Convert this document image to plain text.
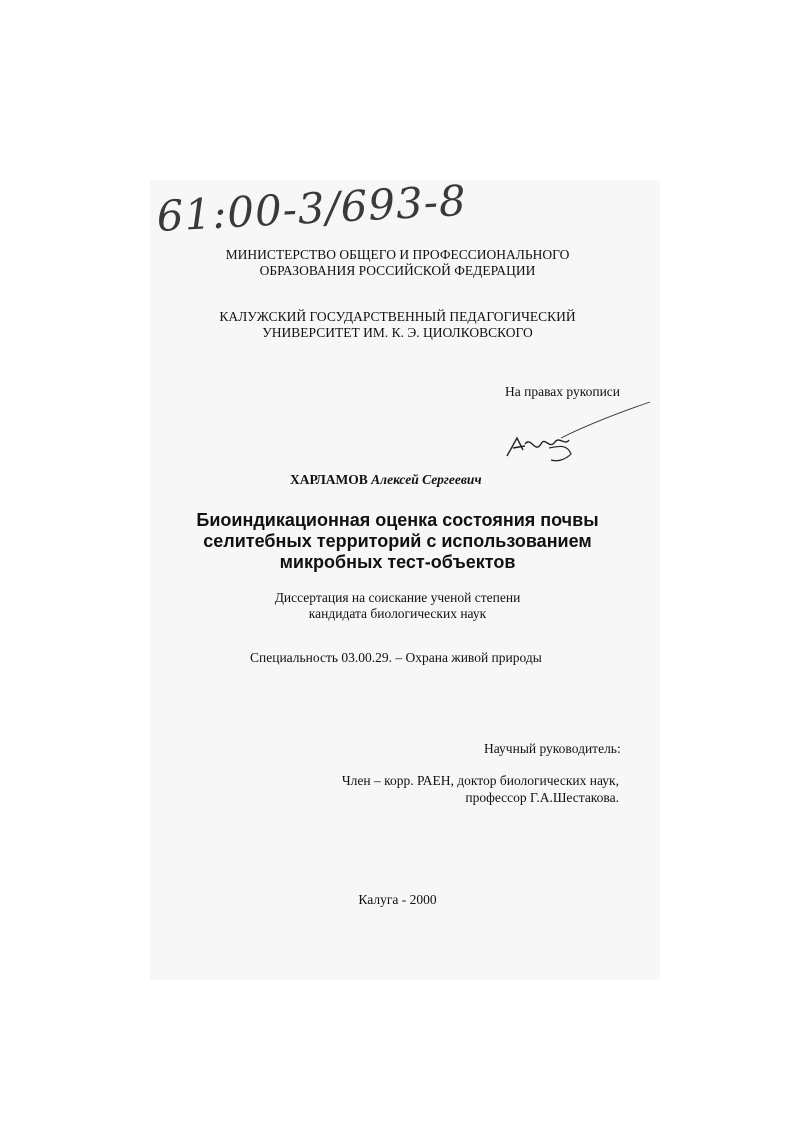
61:00-3/693-8
МИНИСТЕРСТВО ОБЩЕГО И ПРОФЕССИОНАЛЬНОГО
ОБРАЗОВАНИЯ РОССИЙСКОЙ ФЕДЕРАЦИИ
КАЛУЖСКИЙ ГОСУДАРСТВЕННЫЙ ПЕДАГОГИЧЕСКИЙ
УНИВЕРСИТЕТ ИМ. К. Э. ЦИОЛКОВСКОГО
На правах рукописи
ХАРЛАМОВ Алексей Сергеевич
Биоиндикационная оценка состояния почвы
селитебных территорий с использованием
микробных тест-объектов
Диссертация на соискание ученой степени
кандидата биологических наук
Специальность 03.00.29. – Охрана живой природы
Научный руководитель:
Член – корр. РАЕН, доктор биологических наук,
профессор Г.А.Шестакова.
Калуга - 2000
